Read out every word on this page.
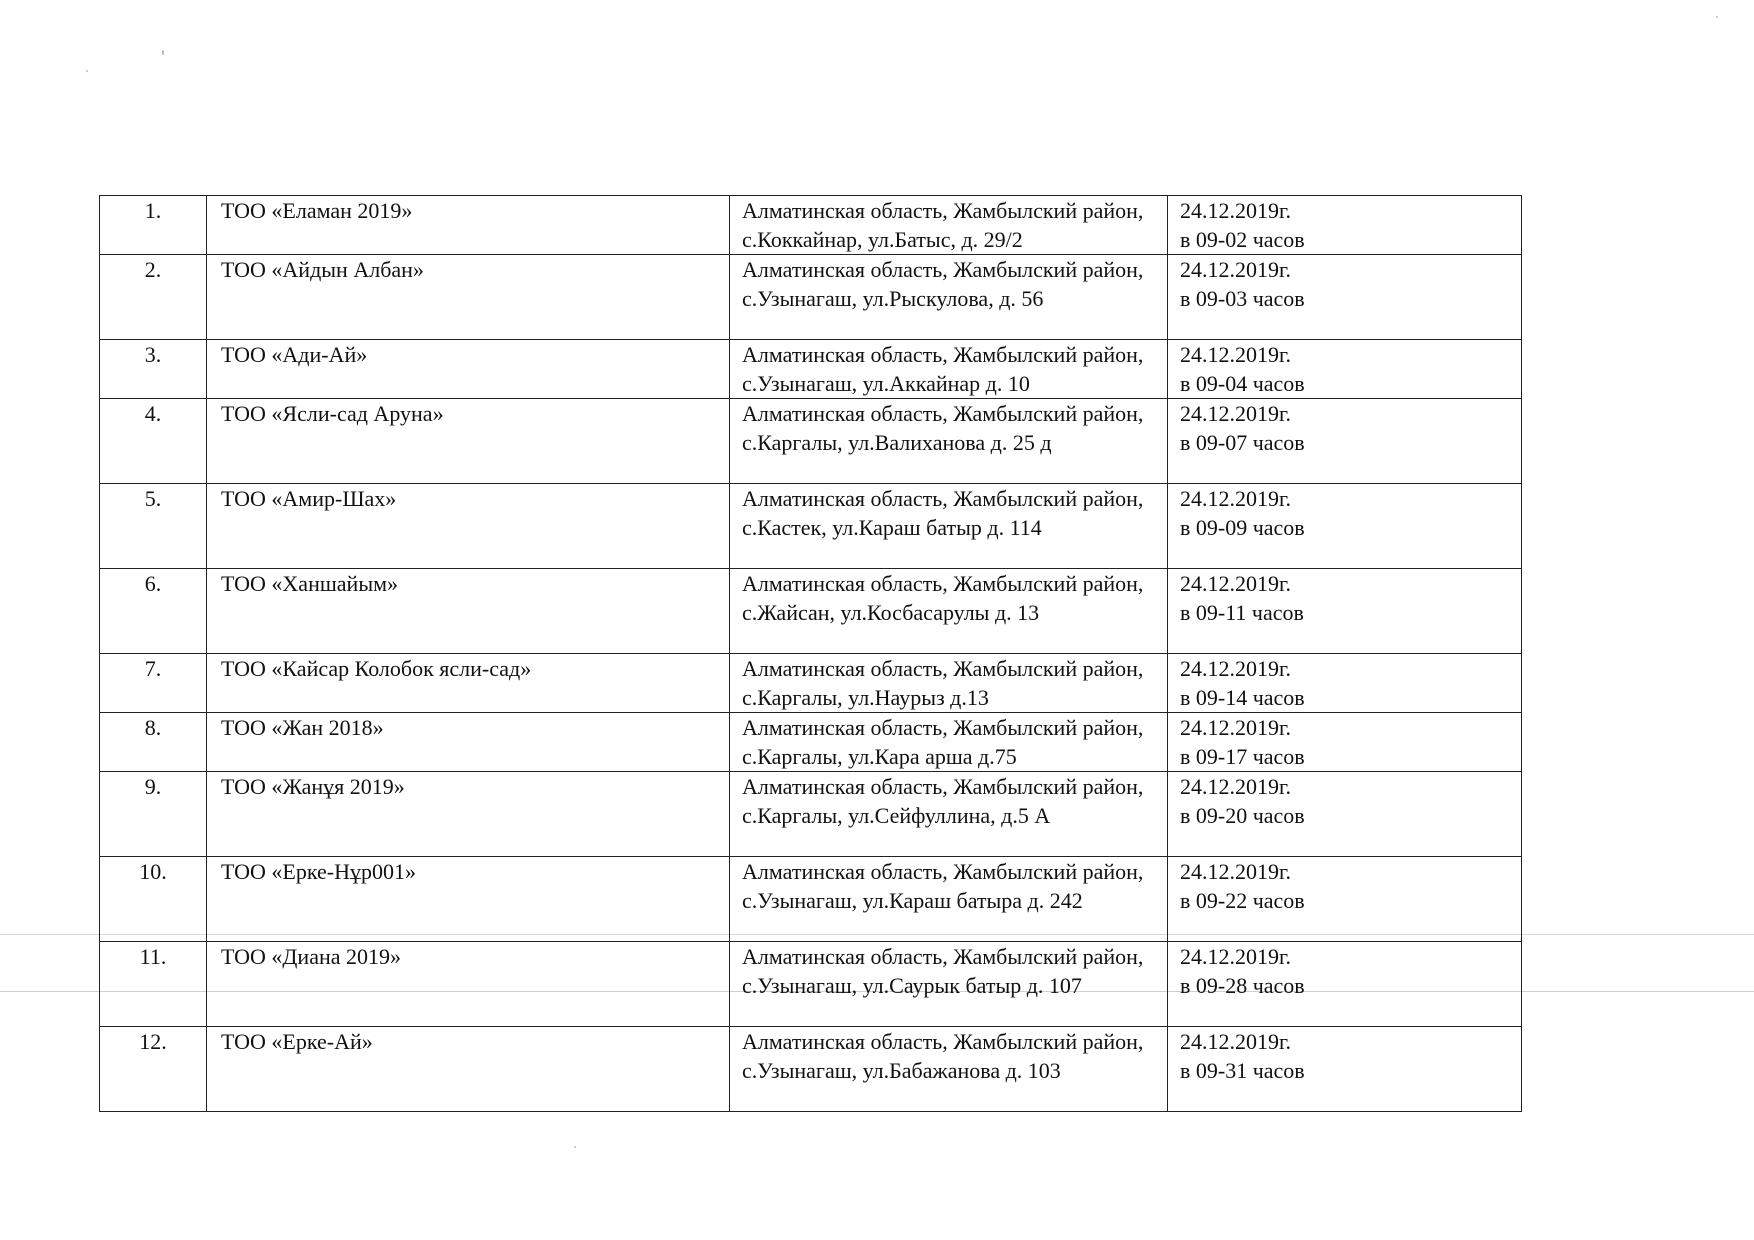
1.	ТОО «Еламан 2019»	Алматинская область, Жамбылский район, с.Коккайнар, ул.Батыс, д. 29/2	24.12.2019г.
в 09-02 часов

2.	ТОО «Айдын Албан»	Алматинская область, Жамбылский район, с.Узынагаш, ул.Рыскулова, д. 56	24.12.2019г.
в 09-03 часов

3.	ТОО «Ади-Ай»	Алматинская область, Жамбылский район, с.Узынагаш, ул.Аккайнар д. 10	24.12.2019г.
в 09-04 часов

4.	ТОО «Ясли-сад Аруна»	Алматинская область, Жамбылский район, с.Каргалы, ул.Валиханова д. 25 д	24.12.2019г.
в 09-07 часов

5.	ТОО «Амир-Шах»	Алматинская область, Жамбылский район, с.Кастек, ул.Караш батыр д. 114	24.12.2019г.
в 09-09 часов

6.	ТОО «Ханшайым»	Алматинская область, Жамбылский район, с.Жайсан, ул.Косбасарулы д. 13	24.12.2019г.
в 09-11 часов

7.	ТОО «Кайсар Колобок ясли-сад»	Алматинская область, Жамбылский район, с.Каргалы, ул.Наурыз д.13	24.12.2019г.
в 09-14 часов

8.	ТОО «Жан 2018»	Алматинская область, Жамбылский район, с.Каргалы, ул.Кара арша д.75	24.12.2019г.
в 09-17 часов

9.	ТОО «Жанұя 2019»	Алматинская область, Жамбылский район, с.Каргалы, ул.Сейфуллина, д.5 А	24.12.2019г.
в 09-20 часов

10.	ТОО «Ерке-Нұр001»	Алматинская область, Жамбылский район, с.Узынагаш, ул.Караш батыра д. 242	24.12.2019г.
в 09-22 часов

11.	ТОО «Диана 2019»	Алматинская область, Жамбылский район, с.Узынагаш, ул.Саурык батыр д. 107	24.12.2019г.
в 09-28 часов

12.	ТОО «Ерке-Ай»	Алматинская область, Жамбылский район, с.Узынагаш, ул.Бабажанова д. 103	24.12.2019г.
в 09-31 часов
